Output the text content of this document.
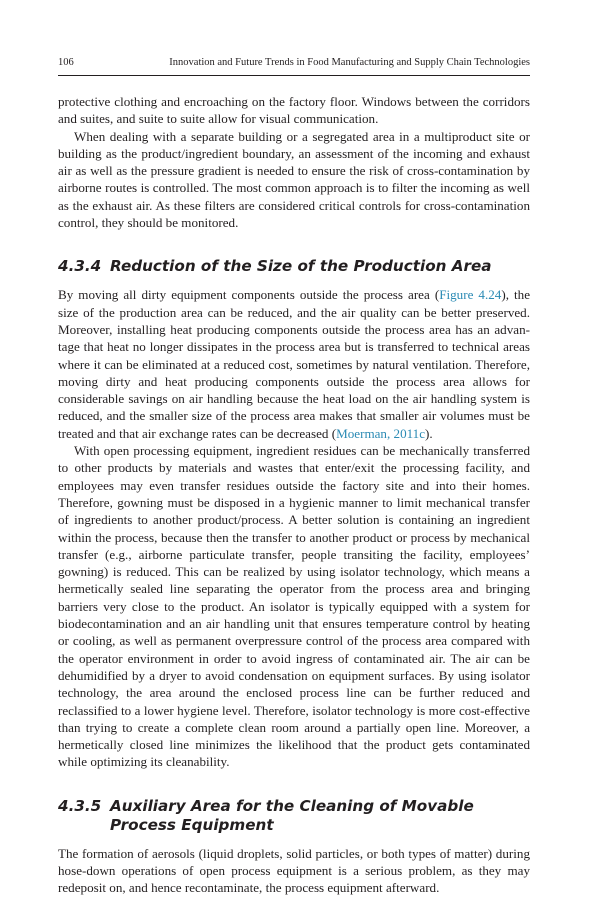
106	Innovation and Future Trends in Food Manufacturing and Supply Chain Technologies

protective clothing and encroaching on the factory floor. Windows between the corridors and suites, and suite to suite allow for visual communication.

When dealing with a separate building or a segregated area in a multiproduct site or building as the product/ingredient boundary, an assessment of the incoming and exhaust air as well as the pressure gradient is needed to ensure the risk of cross-contamination by airborne routes is controlled. The most common approach is to filter the incoming as well as the exhaust air. As these filters are considered critical controls for cross-contamination control, they should be monitored.

4.3.4 Reduction of the Size of the Production Area

By moving all dirty equipment components outside the process area (Figure 4.24), the size of the production area can be reduced, and the air quality can be better preserved. Moreover, installing heat producing components outside the process area has an advantage that heat no longer dissipates in the process area but is transferred to technical areas where it can be eliminated at a reduced cost, sometimes by natural ventilation. Therefore, moving dirty and heat producing components outside the process area allows for considerable savings on air handling because the heat load on the air handling system is reduced, and the smaller size of the process area makes that smaller air volumes must be treated and that air exchange rates can be decreased (Moerman, 2011c).

With open processing equipment, ingredient residues can be mechanically transferred to other products by materials and wastes that enter/exit the processing facility, and employees may even transfer residues outside the factory site and into their homes. Therefore, gowning must be disposed in a hygienic manner to limit mechanical transfer of ingredients to another product/process. A better solution is containing an ingredient within the process, because then the transfer to another product or process by mechanical transfer (e.g., airborne particulate transfer, people transiting the facility, employees’ gowning) is reduced. This can be realized by using isolator technology, which means a hermetically sealed line separating the operator from the process area and bringing barriers very close to the product. An isolator is typically equipped with a system for biodecontamination and an air handling unit that ensures temperature control by heating or cooling, as well as permanent overpressure control of the process area compared with the operator environment in order to avoid ingress of contaminated air. The air can be dehumidified by a dryer to avoid condensation on equipment surfaces. By using isolator technology, the area around the enclosed process line can be further reduced and reclassified to a lower hygiene level. Therefore, isolator technology is more cost-effective than trying to create a complete clean room around a partially open line. Moreover, a hermetically closed line minimizes the likelihood that the product gets contaminated while optimizing its cleanability.

4.3.5 Auxiliary Area for the Cleaning of Movable Process Equipment

The formation of aerosols (liquid droplets, solid particles, or both types of matter) during hose-down operations of open process equipment is a serious problem, as they may redeposit on, and hence recontaminate, the process equipment afterward.
